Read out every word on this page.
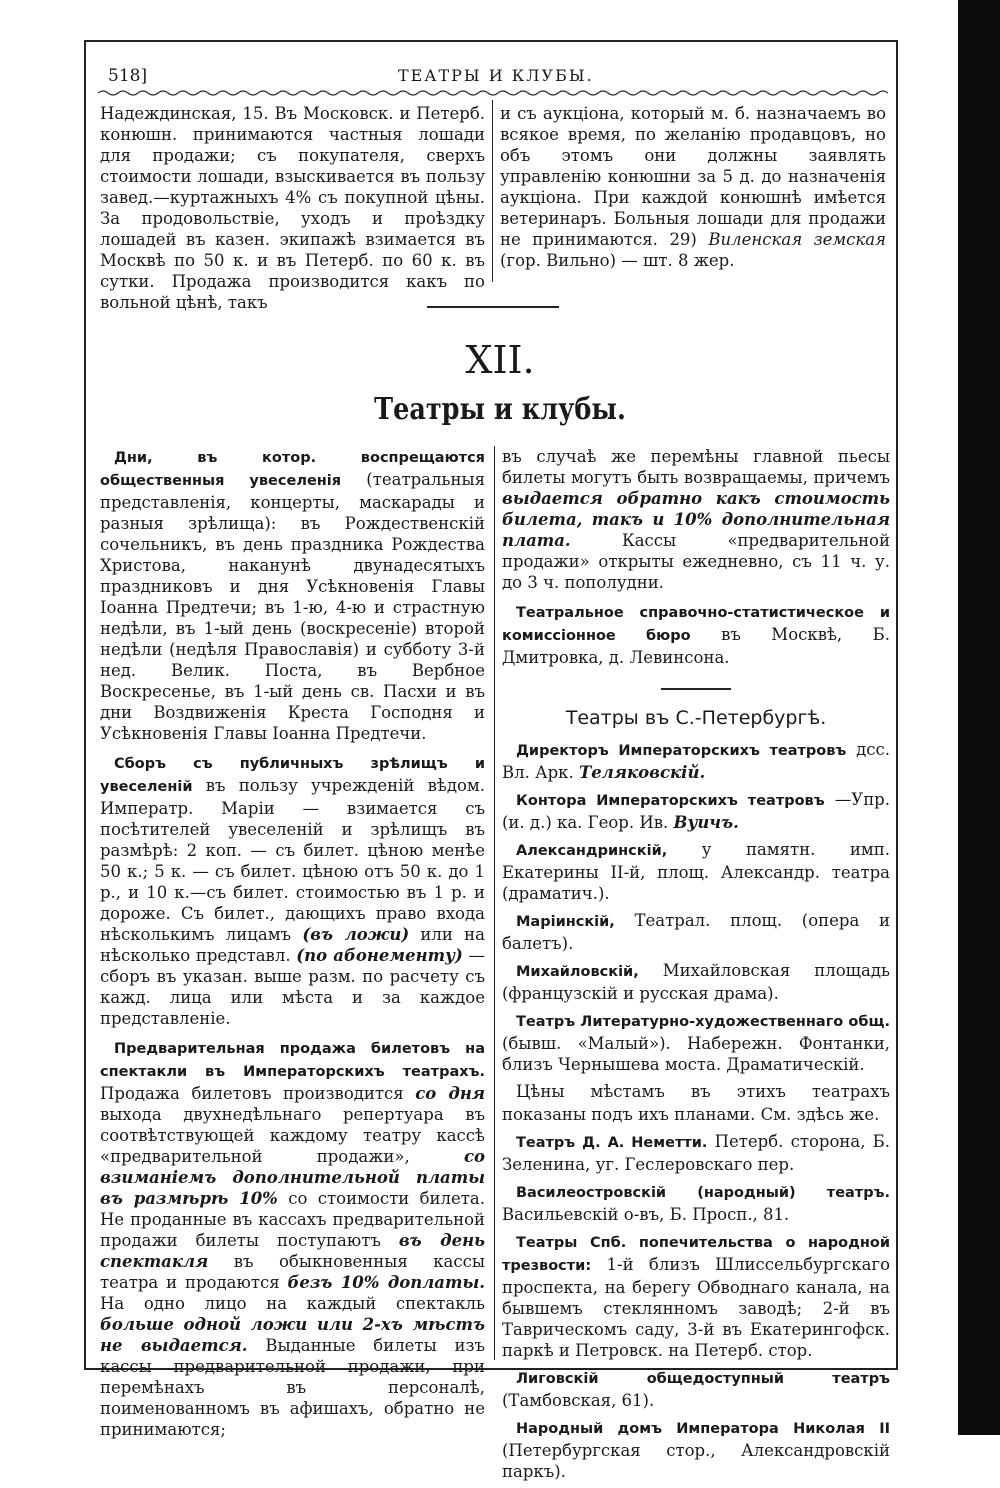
518]	ТЕАТРЫ И КЛУБЫ.

Надеждинская, 15. Въ Московск. и Петерб. конюшн. принимаются частныя лошади для продажи; съ покупателя, сверхъ стоимости лошади, взыскивается въ пользу завед.—куртажныхъ 4% съ покупной цѣны. За продовольствіе, уходъ и проѣздку лошадей въ казен. экипажѣ взимается въ Москвѣ по 50 к. и въ Петерб. по 60 к. въ сутки. Продажа производится какъ по вольной цѣнѣ, такъ

и съ аукціона, который м. б. назначаемъ во всякое время, по желанію продавцовъ, но объ этомъ они должны заявлять управленію конюшни за 5 д. до назначенія аукціона. При каждой конюшнѣ имѣется ветеринаръ. Больныя лошади для продажи не принимаются. 29) Виленская земская (гор. Вильно) — шт. 8 жер.

XII.
Театры и клубы.

Дни, въ котор. воспрещаются общественныя увеселенія (театральныя представленія, концерты, маскарады и разныя зрѣлища): въ Рождественскій сочельникъ, въ день праздника Рождества Христова, наканунѣ двунадесятыхъ праздниковъ и дня Усѣкновенія Главы Іоанна Предтечи; въ 1-ю, 4-ю и страстную недѣли, въ 1-ый день (воскресеніе) второй недѣли (недѣля Православія) и субботу 3-й нед. Велик. Поста, въ Вербное Воскресенье, въ 1-ый день св. Пасхи и въ дни Воздвиженія Креста Господня и Усѣкновенія Главы Іоанна Предтечи.

Сборъ съ публичныхъ зрѣлищъ и увеселеній въ пользу учрежденій вѣдом. Императр. Маріи — взимается съ посѣтителей увеселеній и зрѣлищъ въ размѣрѣ: 2 коп. — съ билет. цѣною менѣе 50 к.; 5 к. — съ билет. цѣною отъ 50 к. до 1 р., и 10 к.—съ билет. стоимостью въ 1 р. и дороже. Съ билет., дающихъ право входа нѣсколькимъ лицамъ (въ ложи) или на нѣсколько представл. (по абонементу) —сборъ въ указан. выше разм. по расчету съ кажд. лица или мѣста и за каждое представленіе.

Предварительная продажа билетовъ на спектакли въ Императорскихъ театрахъ. Продажа билетовъ производится со дня выхода двухнедѣльнаго репертуара въ соотвѣтствующей каждому театру кассѣ «предварительной продажи»,	со взиманіемъ дополнительной платы въ размѣрѣ 10% со стоимости билета. Не проданные въ кассахъ предварительной продажи билеты поступаютъ въ день спектакля въ обыкновенныя кассы театра и продаются безъ 10% доплаты. На одно лицо на каждый спектакль больше одной ложи или 2-хъ мѣстъ не выдается. Выданные билеты изъ кассы предварительной продажи, при перемѣнахъ въ персоналѣ, поименованномъ въ афишахъ, обратно не принимаются;

въ случаѣ же перемѣны главной пьесы билеты могутъ быть возвращаемы, причемъ выдается обратно какъ стоимость билета, такъ и 10% дополнительная плата.	Кассы «предварительной продажи» открыты ежедневно, съ 11 ч. у. до 3 ч. пополудни.

Театральное справочно-статистическое и комиссіонное бюро въ Москвѣ, Б. Дмитровка, д. Левинсона.

Театры въ С.-Петербургѣ.

Директоръ Императорскихъ театровъ дсс. Вл. Арк. Теляковскій.

Контора Императорскихъ театровъ —Упр. (и. д.) ка. Геор. Ив. Вуичъ.

Александринскій, у памятн. имп. Екатерины II-й, площ. Александр. театра (драматич.).

Маріинскій, Театрал. площ. (опера и балетъ).

Михайловскій, Михайловская площадь (французскій и русская драма).

Театръ Литературно-художественнаго общ. (бывш. «Малый»). Набережн. Фонтанки, близъ Чернышева моста. Драматическій.

Цѣны мѣстамъ въ этихъ театрахъ показаны подъ ихъ планами. См. здѣсь же.

Театръ Д. А. Неметти. Петерб. сторона, Б. Зеленина, уг. Геслеровскаго пер.

Василеостровскій (народный) театръ. Васильевскій о-въ, Б. Просп., 81.

Театры Спб. попечительства о народной трезвости: 1-й близъ Шлиссельбургскаго проспекта, на берегу Обводнаго канала, на бывшемъ стеклянномъ заводѣ; 2-й въ Таврическомъ саду, 3-й въ Екатерингофск. паркѣ и Петровск. на Петерб. стор.

Лиговскій общедоступный театръ (Тамбовская, 61).

Народный домъ Императора Николая II (Петербургская стор., Александровскій паркъ).
